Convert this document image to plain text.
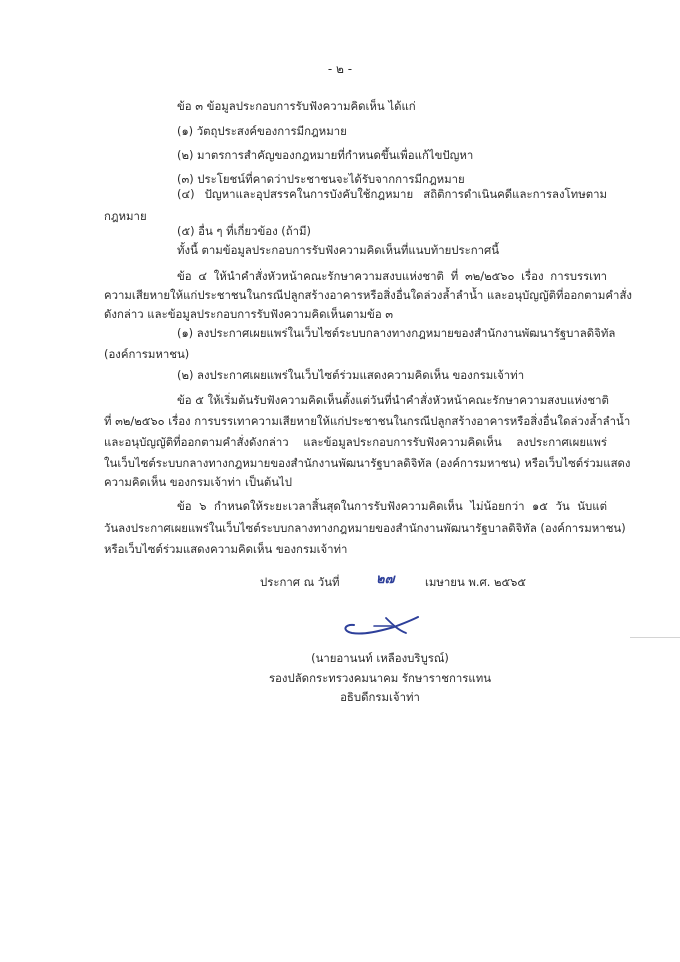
- ๒ -
ข้อ ๓ ข้อมูลประกอบการรับฟังความคิดเห็น ได้แก่
(๑) วัตถุประสงค์ของการมีกฎหมาย
(๒) มาตรการสำคัญของกฎหมายที่กำหนดขึ้นเพื่อแก้ไขปัญหา
(๓) ประโยชน์ที่คาดว่าประชาชนจะได้รับจากการมีกฎหมาย
(๔) ปัญหาและอุปสรรคในการบังคับใช้กฎหมาย สถิติการดำเนินคดีและการลงโทษตาม
กฎหมาย
(๕) อื่น ๆ ที่เกี่ยวข้อง (ถ้ามี)
ทั้งนี้ ตามข้อมูลประกอบการรับฟังความคิดเห็นที่แนบท้ายประกาศนี้
ข้อ ๔ ให้นำคำสั่งหัวหน้าคณะรักษาความสงบแห่งชาติ ที่ ๓๒/๒๕๖๐ เรื่อง การบรรเทา
ความเสียหายให้แก่ประชาชนในกรณีปลูกสร้างอาคารหรือสิ่งอื่นใดล่วงล้ำลำน้ำ และอนุบัญญัติที่ออกตามคำสั่ง
ดังกล่าว และข้อมูลประกอบการรับฟังความคิดเห็นตามข้อ ๓
(๑) ลงประกาศเผยแพร่ในเว็บไซต์ระบบกลางทางกฎหมายของสำนักงานพัฒนารัฐบาลดิจิทัล
(องค์การมหาชน)
(๒) ลงประกาศเผยแพร่ในเว็บไซต์ร่วมแสดงความคิดเห็น ของกรมเจ้าท่า
ข้อ ๕ ให้เริ่มต้นรับฟังความคิดเห็นตั้งแต่วันที่นำคำสั่งหัวหน้าคณะรักษาความสงบแห่งชาติ
ที่ ๓๒/๒๕๖๐ เรื่อง การบรรเทาความเสียหายให้แก่ประชาชนในกรณีปลูกสร้างอาคารหรือสิ่งอื่นใดล่วงล้ำลำน้ำ
และอนุบัญญัติที่ออกตามคำสั่งดังกล่าว และข้อมูลประกอบการรับฟังความคิดเห็น ลงประกาศเผยแพร่
ในเว็บไซต์ระบบกลางทางกฎหมายของสำนักงานพัฒนารัฐบาลดิจิทัล (องค์การมหาชน) หรือเว็บไซต์ร่วมแสดง
ความคิดเห็น ของกรมเจ้าท่า เป็นต้นไป
ข้อ ๖ กำหนดให้ระยะเวลาสิ้นสุดในการรับฟังความคิดเห็น ไม่น้อยกว่า ๑๕ วัน นับแต่
วันลงประกาศเผยแพร่ในเว็บไซต์ระบบกลางทางกฎหมายของสำนักงานพัฒนารัฐบาลดิจิทัล (องค์การมหาชน)
หรือเว็บไซต์ร่วมแสดงความคิดเห็น ของกรมเจ้าท่า
ประกาศ ณ วันที่	๒๗	เมษายน พ.ศ. ๒๕๖๕
(นายอานนท์ เหลืองบริบูรณ์)
รองปลัดกระทรวงคมนาคม รักษาราชการแทน
อธิบดีกรมเจ้าท่า
